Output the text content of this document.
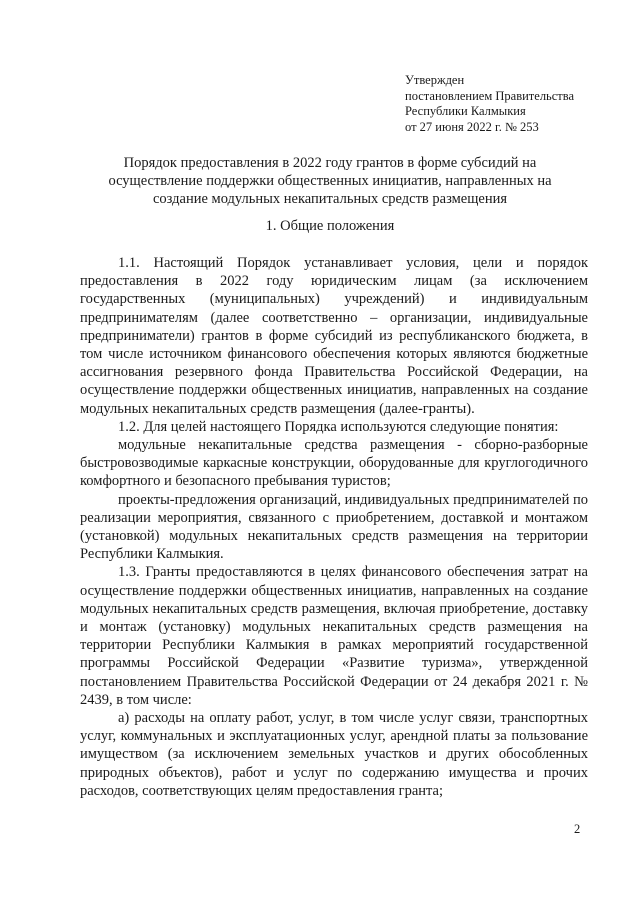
Утвержден
постановлением Правительства
Республики Калмыкия
от 27 июня 2022 г. № 253
Порядок предоставления в 2022 году грантов в форме субсидий на
осуществление поддержки общественных инициатив, направленных на
создание модульных некапитальных средств размещения
1. Общие положения

1.1. Настоящий Порядок устанавливает условия, цели и порядок предоставления в 2022 году юридическим лицам (за исключением государственных (муниципальных) учреждений) и индивидуальным предпринимателям (далее соответственно – организации, индивидуальные предприниматели) грантов в форме субсидий из республиканского бюджета, в том числе источником финансового обеспечения которых являются бюджетные ассигнования резервного фонда Правительства Российской Федерации, на осуществление поддержки общественных инициатив, направленных на создание модульных некапитальных средств размещения (далее-гранты).

1.2. Для целей настоящего Порядка используются следующие понятия:

модульные некапитальные средства размещения - сборно-разборные быстровозводимые каркасные конструкции, оборудованные для круглогодичного комфортного и безопасного пребывания туристов;

проекты-предложения организаций, индивидуальных предпринимателей по реализации мероприятия, связанного с приобретением, доставкой и монтажом (установкой) модульных некапитальных средств размещения на территории Республики Калмыкия.

1.3. Гранты предоставляются в целях финансового обеспечения затрат на осуществление поддержки общественных инициатив, направленных на создание модульных некапитальных средств размещения, включая приобретение, доставку и монтаж (установку) модульных некапитальных средств размещения на территории Республики Калмыкия в рамках мероприятий государственной программы Российской Федерации «Развитие туризма», утвержденной постановлением Правительства Российской Федерации от 24 декабря 2021 г. № 2439, в том числе:

а) расходы на оплату работ, услуг, в том числе услуг связи, транспортных услуг, коммунальных и эксплуатационных услуг, арендной платы за пользование имуществом (за исключением земельных участков и других обособленных природных объектов), работ и услуг по содержанию имущества и прочих расходов, соответствующих целям предоставления гранта;

2
